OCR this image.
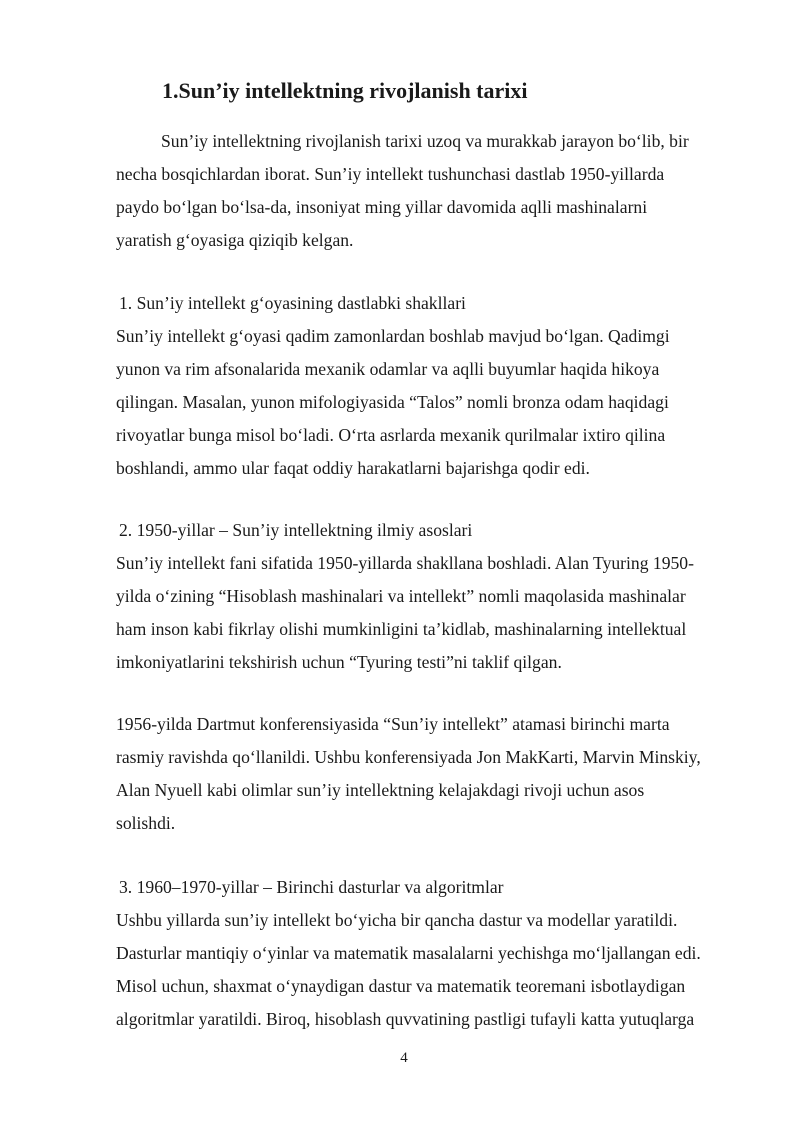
1.Sun’iy intellektning rivojlanish tarixi

Sun’iy intellektning rivojlanish tarixi uzoq va murakkab jarayon bo‘lib, bir
necha bosqichlardan iborat. Sun’iy intellekt tushunchasi dastlab 1950-yillarda
paydo bo‘lgan bo‘lsa-da, insoniyat ming yillar davomida aqlli mashinalarni
yaratish g‘oyasiga qiziqib kelgan.

1. Sun’iy intellekt g‘oyasining dastlabki shakllari
Sun’iy intellekt g‘oyasi qadim zamonlardan boshlab mavjud bo‘lgan. Qadimgi
yunon va rim afsonalarida mexanik odamlar va aqlli buyumlar haqida hikoya
qilingan. Masalan, yunon mifologiyasida “Talos” nomli bronza odam haqidagi
rivoyatlar bunga misol bo‘ladi. O‘rta asrlarda mexanik qurilmalar ixtiro qilina
boshlandi, ammo ular faqat oddiy harakatlarni bajarishga qodir edi.
2. 1950-yillar – Sun’iy intellektning ilmiy asoslari
Sun’iy intellekt fani sifatida 1950-yillarda shakllana boshladi. Alan Tyuring 1950-
yilda o‘zining “Hisoblash mashinalari va intellekt” nomli maqolasida mashinalar
ham inson kabi fikrlay olishi mumkinligini ta’kidlab, mashinalarning intellektual
imkoniyatlarini tekshirish uchun “Tyuring testi”ni taklif qilgan.
1956-yilda Dartmut konferensiyasida “Sun’iy intellekt” atamasi birinchi marta
rasmiy ravishda qo‘llanildi. Ushbu konferensiyada Jon MakKarti, Marvin Minskiy,
Alan Nyuell kabi olimlar sun’iy intellektning kelajakdagi rivoji uchun asos
solishdi.
3. 1960–1970-yillar – Birinchi dasturlar va algoritmlar
Ushbu yillarda sun’iy intellekt bo‘yicha bir qancha dastur va modellar yaratildi.
Dasturlar mantiqiy o‘yinlar va matematik masalalarni yechishga mo‘ljallangan edi.
Misol uchun, shaxmat o‘ynaydigan dastur va matematik teoremani isbotlaydigan
algoritmlar yaratildi. Biroq, hisoblash quvvatining pastligi tufayli katta yutuqlarga
4
